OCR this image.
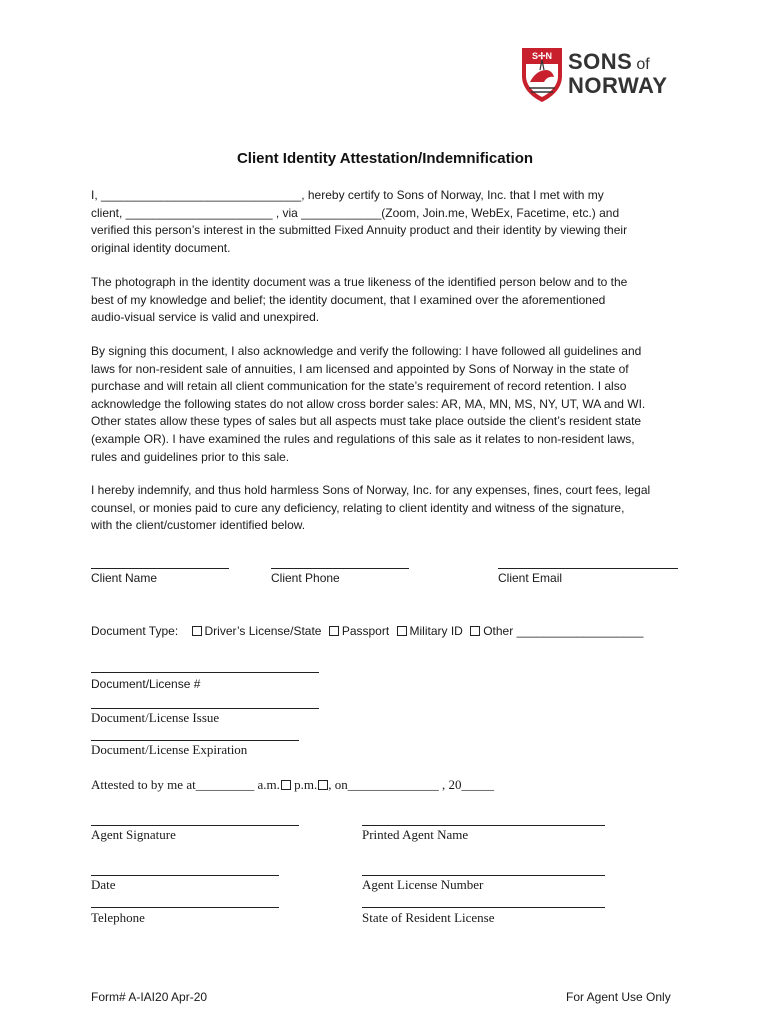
S✢N SONS of
NORWAY
Client Identity Attestation/Indemnification
I, ______________________________, hereby certify to Sons of Norway, Inc. that I met with my
client, ______________________ , via ____________(Zoom, Join.me, WebEx, Facetime, etc.) and
verified this person’s interest in the submitted Fixed Annuity product and their identity by viewing their
original identity document.
The photograph in the identity document was a true likeness of the identified person below and to the
best of my knowledge and belief; the identity document, that I examined over the aforementioned
audio-visual service is valid and unexpired.
By signing this document, I also acknowledge and verify the following: I have followed all guidelines and
laws for non-resident sale of annuities, I am licensed and appointed by Sons of Norway in the state of
purchase and will retain all client communication for the state’s requirement of record retention. I also
acknowledge the following states do not allow cross border sales: AR, MA, MN, MS, NY, UT, WA and WI.
Other states allow these types of sales but all aspects must take place outside the client’s resident state
(example OR). I have examined the rules and regulations of this sale as it relates to non-resident laws,
rules and guidelines prior to this sale.
I hereby indemnify, and thus hold harmless Sons of Norway, Inc. for any expenses, fines, court fees, legal
counsel, or monies paid to cure any deficiency, relating to client identity and witness of the signature,
with the client/customer identified below.
Client Name	Client Phone	Client Email
Document Type: Driver’s License/State Passport Military ID Other ___________________
Document/License #
Document/License Issue
Document/License Expiration
Attested to by me at_________ a.m. p.m. , on______________ , 20_____
Agent Signature	Printed Agent Name
Date	Agent License Number
Telephone	State of Resident License
Form# A-IAI20 Apr-20	For Agent Use Only
